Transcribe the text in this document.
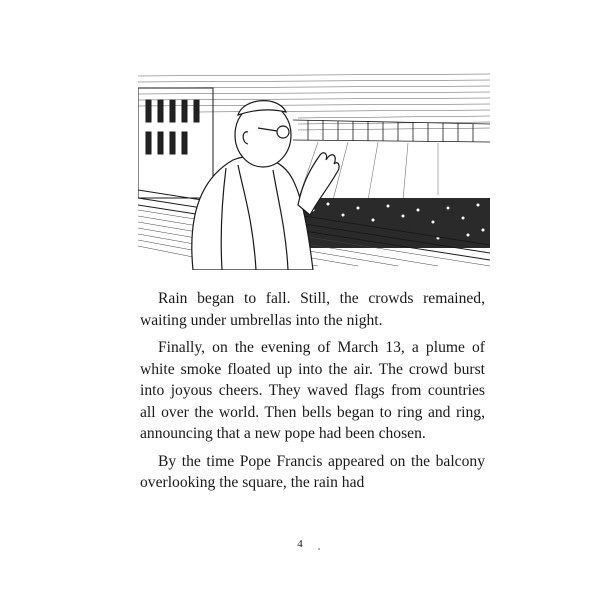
Rain began to fall. Still, the crowds remained, waiting under umbrellas into the night.

Finally, on the evening of March 13, a plume of white smoke floated up into the air. The crowd burst into joyous cheers. They waved flags from countries all over the world. Then bells began to ring and ring, announcing that a new pope had been chosen.

By the time Pope Francis appeared on the balcony overlooking the square, the rain had

4
